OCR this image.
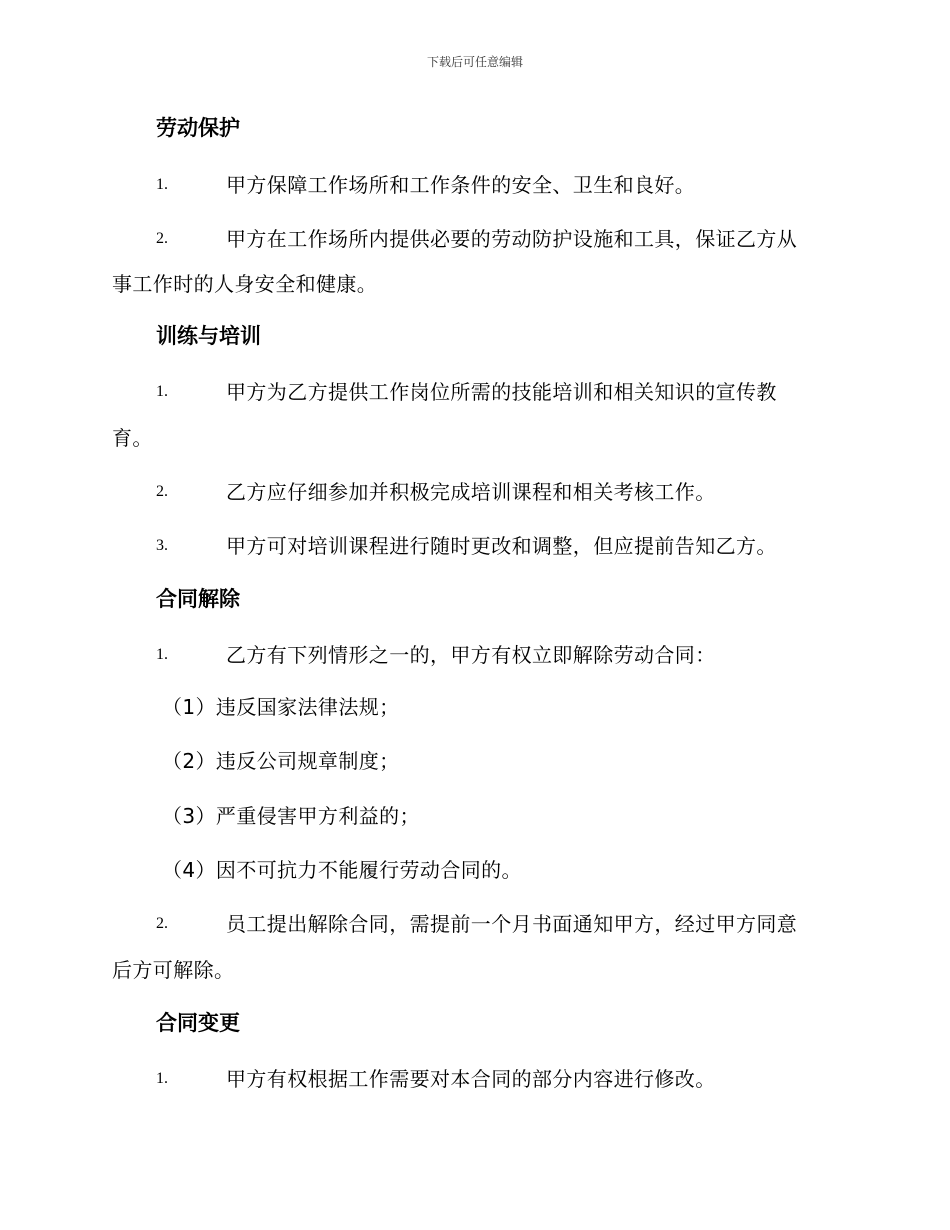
下载后可任意编辑
劳动保护
1.	甲方保障工作场所和工作条件的安全、卫生和良好。
2.	甲方在工作场所内提供必要的劳动防护设施和工具，保证乙方从
事工作时的人身安全和健康。
训练与培训
1.	甲方为乙方提供工作岗位所需的技能培训和相关知识的宣传教
育。
2.	乙方应仔细参加并积极完成培训课程和相关考核工作。
3.	甲方可对培训课程进行随时更改和调整，但应提前告知乙方。
合同解除
1.	乙方有下列情形之一的，甲方有权立即解除劳动合同：
（1）违反国家法律法规；
（2）违反公司规章制度；
（3）严重侵害甲方利益的；
（4）因不可抗力不能履行劳动合同的。
2.	员工提出解除合同，需提前一个月书面通知甲方，经过甲方同意
后方可解除。
合同变更
1.	甲方有权根据工作需要对本合同的部分内容进行修改。
